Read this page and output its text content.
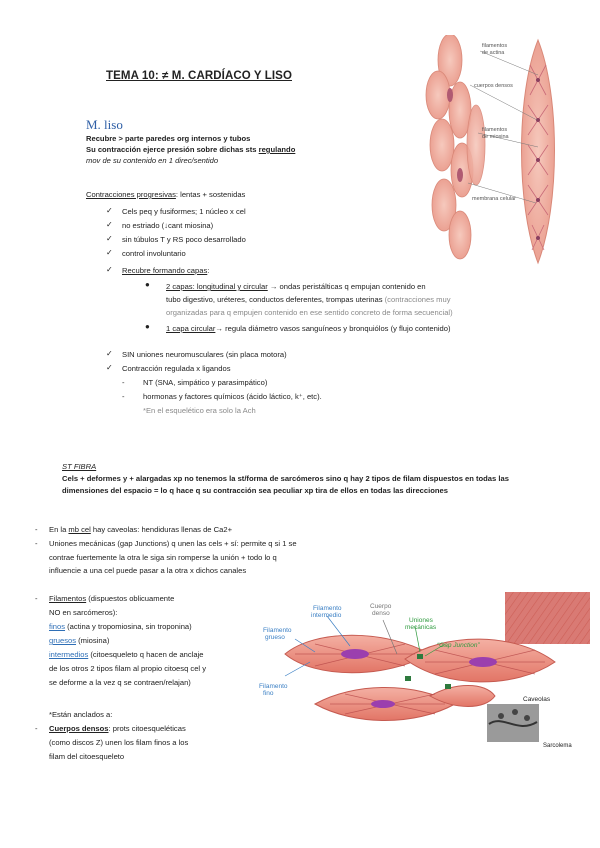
TEMA 10: ≠ M. CARDÍACO Y LISO
M. liso
Recubre > parte paredes org internos y tubos
Su contracción ejerce presión sobre dichas sts regulando
mov de su contenido en 1 direc/sentido
Contracciones progresivas: lentas + sostenidas
✓ Cels peq y fusiformes; 1 núcleo x cel
✓ no estriado (↓cant miosina)
✓ sin túbulos T y RS poco desarrollado
✓ control involuntario
✓ Recubre formando capas:
● 2 capas: longitudinal y circular → ondas peristálticas q empujan contenido en
tubo digestivo, uréteres, conductos deferentes, trompas uterinas (contracciones muy
organizadas para q empujen contenido en ese sentido concreto de forma secuencial)
● 1 capa circular→ regula diámetro vasos sanguíneos y bronquiólos (y flujo contenido)
✓ SIN uniones neuromusculares (sin placa motora)
✓ Contracción regulada x ligandos
- NT (SNA, simpático y parasimpático)
- hormonas y factores químicos (ácido láctico, k⁺, etc).
*En el esquelético era solo la Ach
ST FIBRA
Cels + deformes y + alargadas xp no tenemos la st/forma de sarcómeros sino q hay 2 tipos de filam dispuestos en todas las
dimensiones del espacio = lo q hace q su contracción sea peculiar xp tira de ellos en todas las direcciones
- En la mb cel hay caveolas: hendiduras llenas de Ca2+
- Uniones mecánicas (gap Junctions) q unen las cels + sí: permite q si 1 se
contrae fuertemente la otra le siga sin romperse la unión + todo lo q
influencie a una cel puede pasar a la otra x dichos canales
- Filamentos (dispuestos oblicuamente
NO en sarcómeros):
finos (actina y tropomiosina, sin troponina)
gruesos (miosina)
intermedios (citoesqueleto q hacen de anclaje
de los otros 2 tipos filam al propio citoesq cel y
se deforme a la vez q se contraen/relajan)
*Están anclados a:
- Cuerpos densos: prots citoesqueléticas
(como discos Z) unen los filam finos a los
filam del citoesqueleto
filamentos
de actina
cuerpos densos
filamentos
de miosina
membrana celular
Filamento
intermedio
Cuerpo
denso
Filamento
grueso
Uniones
mecánicas
“Gap Junction”
Filamento
fino
Caveolas
Sarcolema
